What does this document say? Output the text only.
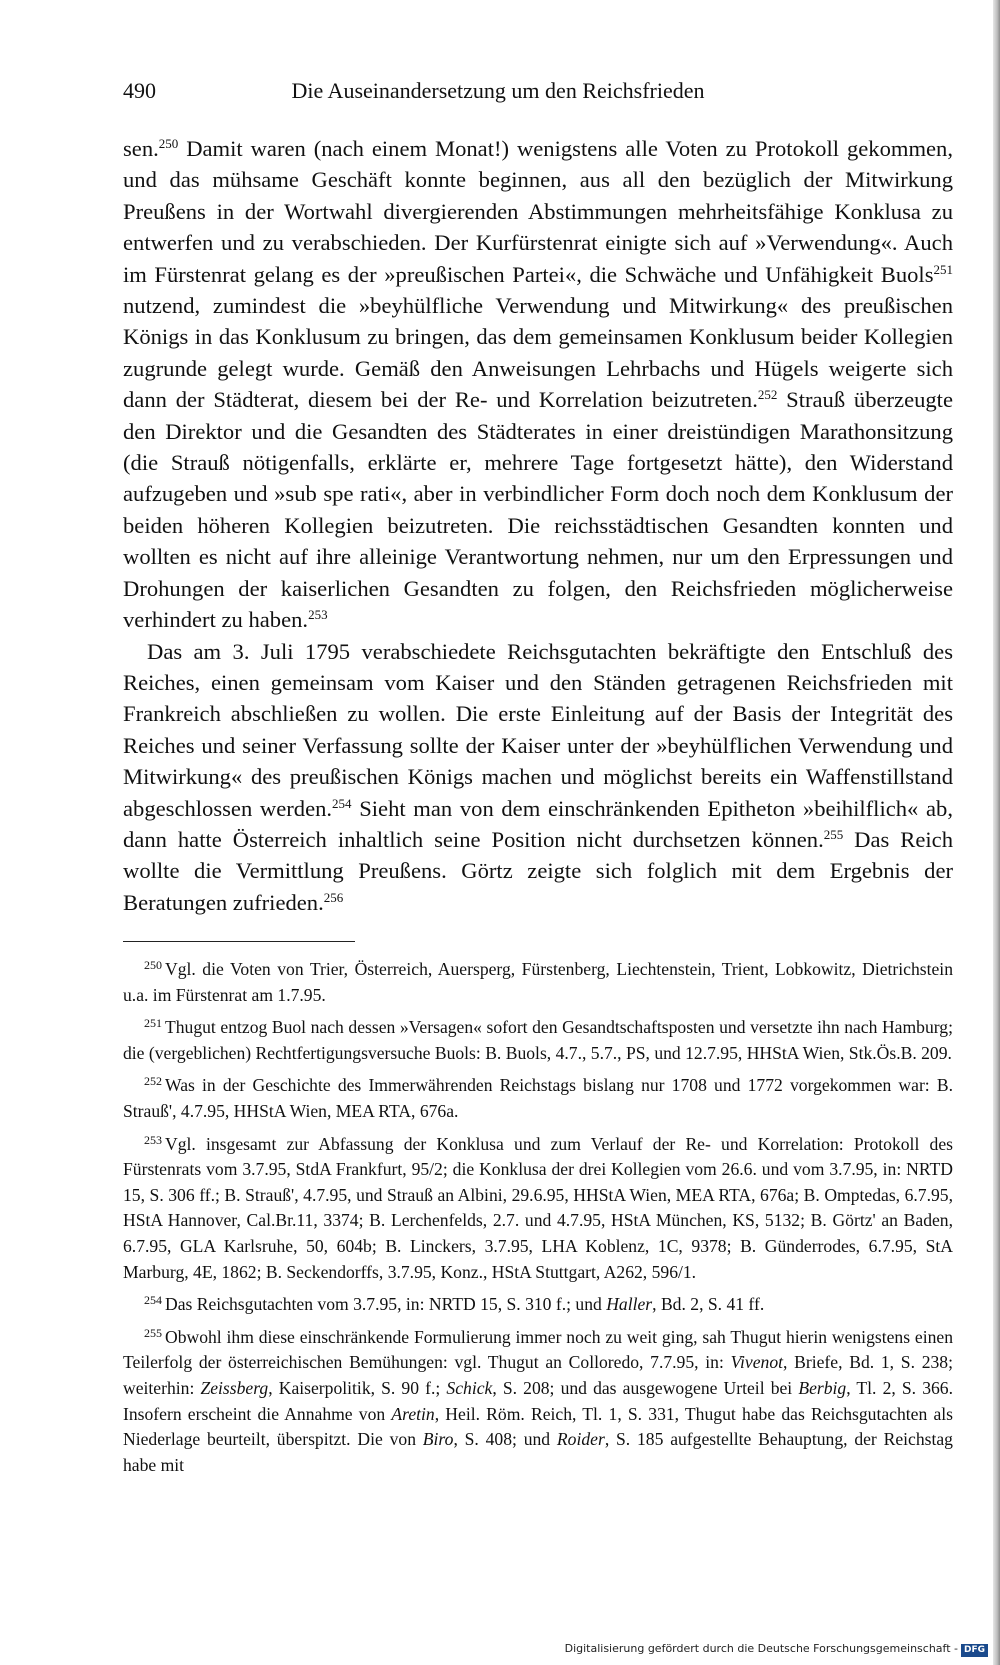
490	Die Auseinandersetzung um den Reichsfrieden

sen.$^{250}$ Damit waren (nach einem Monat!) wenigstens alle Voten zu Protokoll gekommen, und das mühsame Geschäft konnte beginnen, aus all den bezüglich der Mitwirkung Preußens in der Wortwahl divergierenden Abstimmungen mehrheitsfähige Konklusa zu entwerfen und zu verabschieden. Der Kurfürstenrat einigte sich auf »Verwendung«. Auch im Fürstenrat gelang es der »preußischen Partei«, die Schwäche und Unfähigkeit Buols$^{251}$ nutzend, zumindest die »beyhülfliche Verwendung und Mitwirkung« des preußischen Königs in das Konklusum zu bringen, das dem gemeinsamen Konklusum beider Kollegien zugrunde gelegt wurde. Gemäß den Anweisungen Lehrbachs und Hügels weigerte sich dann der Städterat, diesem bei der Re- und Korrelation beizutreten.$^{252}$ Strauß überzeugte den Direktor und die Gesandten des Städterates in einer dreistündigen Marathonsitzung (die Strauß nötigenfalls, erklärte er, mehrere Tage fortgesetzt hätte), den Widerstand aufzugeben und »sub spe rati«, aber in verbindlicher Form doch noch dem Konklusum der beiden höheren Kollegien beizutreten. Die reichsstädtischen Gesandten konnten und wollten es nicht auf ihre alleinige Verantwortung nehmen, nur um den Erpressungen und Drohungen der kaiserlichen Gesandten zu folgen, den Reichsfrieden möglicherweise verhindert zu haben.$^{253}$

Das am 3. Juli 1795 verabschiedete Reichsgutachten bekräftigte den Entschluß des Reiches, einen gemeinsam vom Kaiser und den Ständen getragenen Reichsfrieden mit Frankreich abschließen zu wollen. Die erste Einleitung auf der Basis der Integrität des Reiches und seiner Verfassung sollte der Kaiser unter der »beyhülflichen Verwendung und Mitwirkung« des preußischen Königs machen und möglichst bereits ein Waffenstillstand abgeschlossen werden.$^{254}$ Sieht man von dem einschränkenden Epitheton »beihilflich« ab, dann hatte Österreich inhaltlich seine Position nicht durchsetzen können.$^{255}$ Das Reich wollte die Vermittlung Preußens. Görtz zeigte sich folglich mit dem Ergebnis der Beratungen zufrieden.$^{256}$

$^{250}$ Vgl. die Voten von Trier, Österreich, Auersperg, Fürstenberg, Liechtenstein, Trient, Lobkowitz, Dietrichstein u.a. im Fürstenrat am 1.7.95.

$^{251}$ Thugut entzog Buol nach dessen »Versagen« sofort den Gesandtschaftsposten und versetzte ihn nach Hamburg; die (vergeblichen) Rechtfertigungsversuche Buols: B. Buols, 4.7., 5.7., PS, und 12.7.95, HHStA Wien, Stk.Ös.B. 209.

$^{252}$ Was in der Geschichte des Immerwährenden Reichstags bislang nur 1708 und 1772 vorgekommen war: B. Strauß', 4.7.95, HHStA Wien, MEA RTA, 676a.

$^{253}$ Vgl. insgesamt zur Abfassung der Konklusa und zum Verlauf der Re- und Korrelation: Protokoll des Fürstenrats vom 3.7.95, StdA Frankfurt, 95/2; die Konklusa der drei Kollegien vom 26.6. und vom 3.7.95, in: NRTD 15, S. 306 ff.; B. Strauß', 4.7.95, und Strauß an Albini, 29.6.95, HHStA Wien, MEA RTA, 676a; B. Omptedas, 6.7.95, HStA Hannover, Cal.Br.11, 3374; B. Lerchenfelds, 2.7. und 4.7.95, HStA München, KS, 5132; B. Görtz' an Baden, 6.7.95, GLA Karlsruhe, 50, 604b; B. Linckers, 3.7.95, LHA Koblenz, 1C, 9378; B. Günderrodes, 6.7.95, StA Marburg, 4E, 1862; B. Seckendorffs, 3.7.95, Konz., HStA Stuttgart, A262, 596/1.

$^{254}$ Das Reichsgutachten vom 3.7.95, in: NRTD 15, S. 310 f.; und Haller, Bd. 2, S. 41 ff.

$^{255}$ Obwohl ihm diese einschränkende Formulierung immer noch zu weit ging, sah Thugut hierin wenigstens einen Teilerfolg der österreichischen Bemühungen: vgl. Thugut an Colloredo, 7.7.95, in: Vivenot, Briefe, Bd. 1, S. 238; weiterhin: Zeissberg, Kaiserpolitik, S. 90 f.; Schick, S. 208; und das ausgewogene Urteil bei Berbig, Tl. 2, S. 366. Insofern erscheint die Annahme von Aretin, Heil. Röm. Reich, Tl. 1, S. 331, Thugut habe das Reichsgutachten als Niederlage beurteilt, überspitzt. Die von Biro, S. 408; und Roider, S. 185 aufgestellte Behauptung, der Reichstag habe mit

Digitalisierung gefördert durch die Deutsche Forschungsgemeinschaft - DFG
